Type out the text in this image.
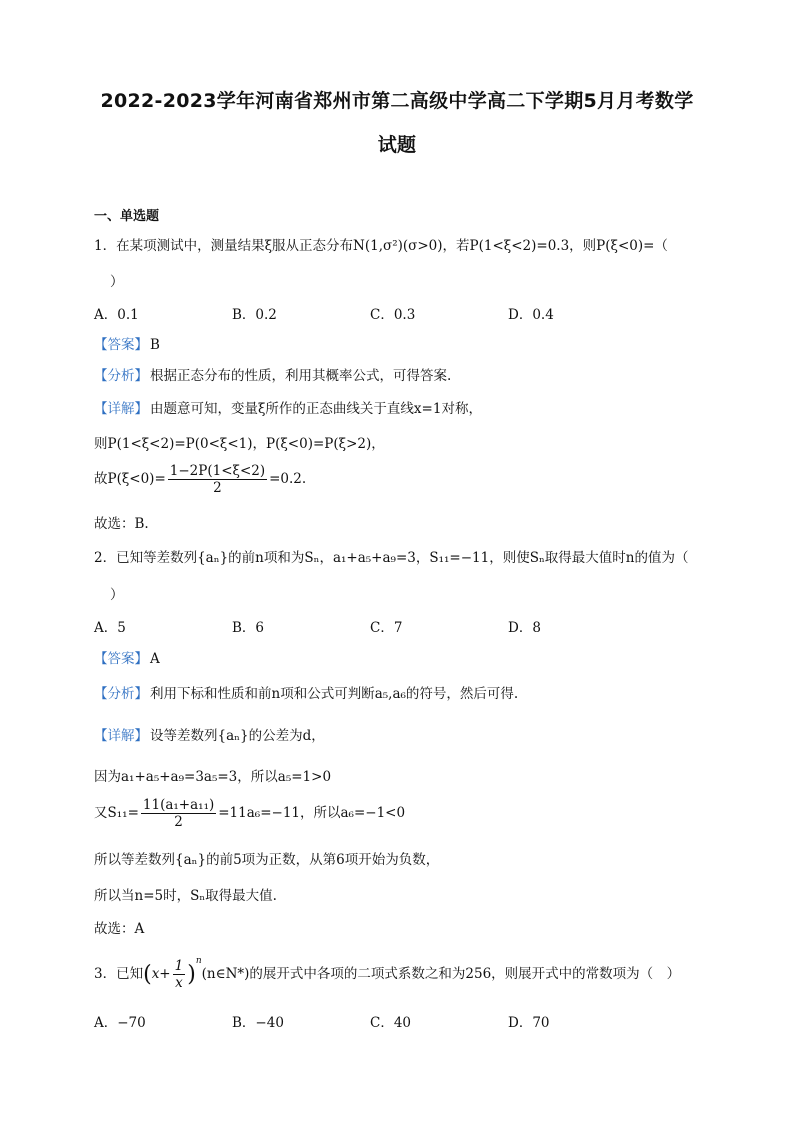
2022-2023学年河南省郑州市第二高级中学高二下学期5月月考数学
试题
一、单选题
1．在某项测试中，测量结果ξ服从正态分布N(1,σ²)(σ>0)，若P(1<ξ<2)=0.3，则P(ξ<0)=（
）
A．0.1	B．0.2	C．0.3	D．0.4
【答案】 B
【分析】 根据正态分布的性质，利用其概率公式，可得答案.
【详解】 由题意可知，变量ξ所作的正态曲线关于直线x=1对称，
则P(1<ξ<2)=P(0<ξ<1)，P(ξ<0)=P(ξ>2)，
故$P(\xi<0)= \frac{1-2P(1<\xi<2)}{2} =0.2$.
故选：B.
2．已知等差数列{aₙ}的前n项和为Sₙ，a₁+a₅+a₉=3，S₁₁=−11，则使Sₙ取得最大值时n的值为（
）
A．5	B．6	C．7	D．8
【答案】 A
【分析】 利用下标和性质和前n项和公式可判断a₅,a₆的符号，然后可得.
【详解】 设等差数列{aₙ}的公差为d，
因为a₁+a₅+a₉=3a₅=3，所以a₅=1>0
又$S_{11}= \frac{\text{11(a₁+a₁₁)}}{2} =11a_6=-11$，所以a₆=−1<0
所以等差数列{aₙ}的前5项为正数，从第6项开始为负数，
所以当n=5时，Sₙ取得最大值.
故选：A
3．已知($x+ \frac{1}{x}$ )$^n(n\in N*)$的展开式中各项的二项式系数之和为256，则展开式中的常数项为（　）
A．−70	B．−40	C．40	D．70
